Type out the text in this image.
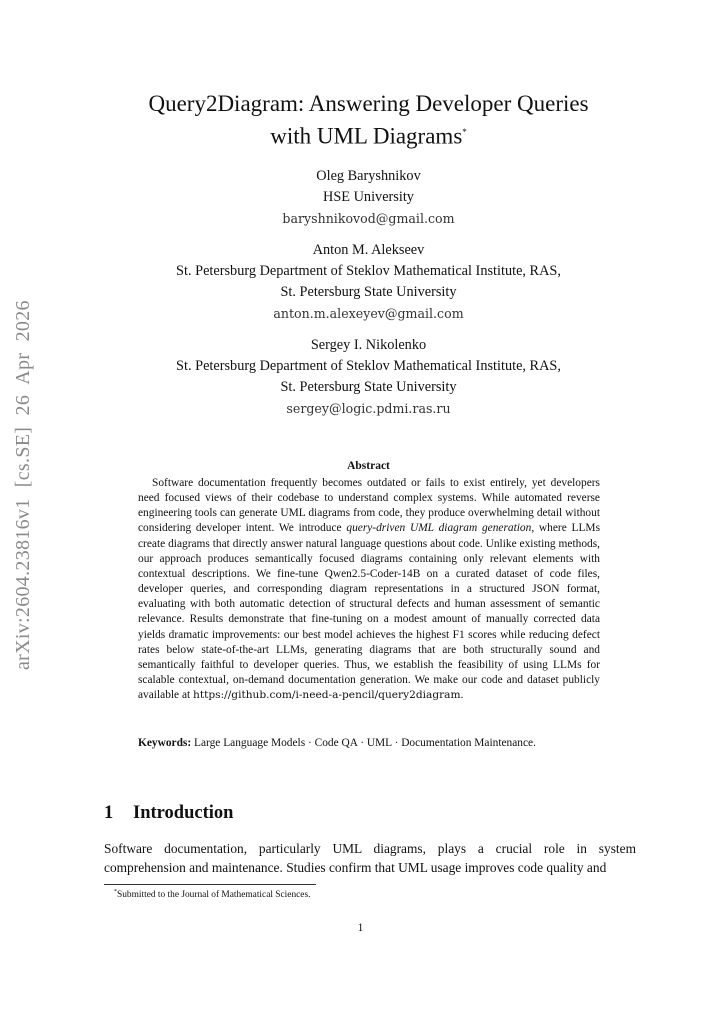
arXiv:2604.23816v1 [cs.SE] 26 Apr 2026
Query2Diagram: Answering Developer Queries
with UML Diagrams*
Oleg Baryshnikov
HSE University
baryshnikovod@gmail.com
Anton M. Alekseev
St. Petersburg Department of Steklov Mathematical Institute, RAS,
St. Petersburg State University
anton.m.alexeyev@gmail.com
Sergey I. Nikolenko
St. Petersburg Department of Steklov Mathematical Institute, RAS,
St. Petersburg State University
sergey@logic.pdmi.ras.ru
Abstract
Software documentation frequently becomes outdated or fails to exist entirely, yet developers need focused views of their codebase to understand complex systems. While automated reverse engineering tools can generate UML diagrams from code, they produce overwhelming detail without considering developer intent. We introduce query-driven UML diagram generation, where LLMs create diagrams that directly answer natural language questions about code. Unlike existing methods, our approach produces semantically focused diagrams containing only relevant elements with contextual descriptions. We fine-tune Qwen2.5-Coder-14B on a curated dataset of code files, developer queries, and corresponding diagram representations in a structured JSON format, evaluating with both automatic detection of structural defects and human assessment of semantic relevance. Results demonstrate that fine-tuning on a modest amount of manually corrected data yields dramatic improvements: our best model achieves the highest F1 scores while reducing defect rates below state-of-the-art LLMs, generating diagrams that are both structurally sound and semantically faithful to developer queries. Thus, we establish the feasibility of using LLMs for scalable contextual, on-demand documentation generation. We make our code and dataset publicly available at https://github.com/i-need-a-pencil/query2diagram.
Keywords: Large Language Models · Code QA · UML · Documentation Maintenance.
1 Introduction
Software documentation, particularly UML diagrams, plays a crucial role in system comprehension and maintenance. Studies confirm that UML usage improves code quality and
*Submitted to the Journal of Mathematical Sciences.
1
